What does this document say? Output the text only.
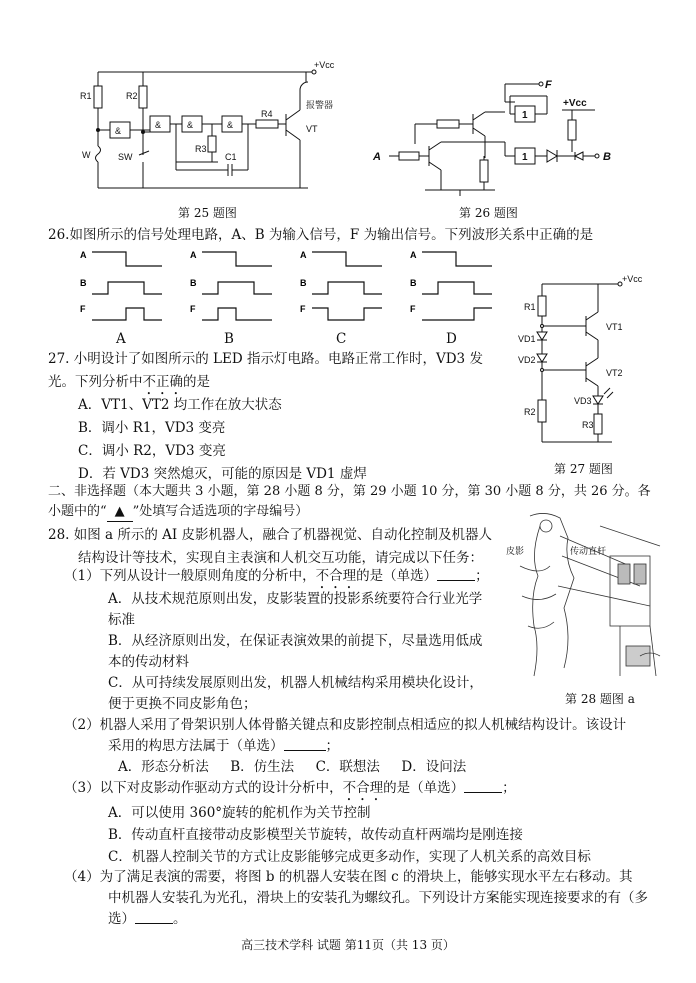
+Vcc
R1	R2
R3
R4
C1
W	SW
VT
报警器
&
&	&	&
第 25 题图
F
+Vcc
A	B
1
1
第 26 题图
26.如图所示的信号处理电路，A、B 为输入信号，F 为输出信号。下列波形关系中正确的是
A
B
F
A
B
F
A
B
F
A
B
F
A	B	C	D
+Vcc
R1
VD1
VD2
R2
VT1
VT2
VD3
R3
第 27 题图
27. 小明设计了如图所示的 LED 指示灯电路。电路正常工作时，VD3 发
光。下列分析中不正确的是
A．VT1、VT2 均工作在放大状态
B．调小 R1，VD3 变亮
C．调小 R2，VD3 变亮
D．若 VD3 突然熄灭，可能的原因是 VD1 虚焊
二、非选择题（本大题共 3 小题，第 28 小题 8 分，第 29 小题 10 分，第 30 小题 8 分，共 26 分。各
小题中的“ ▲ ”处填写合适选项的字母编号）
皮影	传动直杆
第 28 题图 a
28. 如图 a 所示的 AI 皮影机器人，融合了机器视觉、自动化控制及机器人
结构设计等技术，实现自主表演和人机交互功能，请完成以下任务：
（1）下列从设计一般原则角度的分析中，不合理的是（单选）	；
A．从技术规范原则出发，皮影装置的投影系统要符合行业光学
标准
B．从经济原则出发，在保证表演效果的前提下，尽量选用低成
本的传动材料
C．从可持续发展原则出发，机器人机械结构采用模块化设计，
便于更换不同皮影角色；
（2）机器人采用了骨架识别人体骨骼关键点和皮影控制点相适应的拟人机械结构设计。该设计
采用的构思方法属于（单选）	；
A．形态分析法     B．仿生法     C．联想法     D．设问法
（3）以下对皮影动作驱动方式的设计分析中，不合理的是（单选）	；
A．可以使用 360°旋转的舵机作为关节控制
B．传动直杆直接带动皮影模型关节旋转，故传动直杆两端均是刚连接
C．机器人控制关节的方式让皮影能够完成更多动作，实现了人机关系的高效目标
（4）为了满足表演的需要，将图 b 的机器人安装在图 c 的滑块上，能够实现水平左右移动。其
中机器人安装孔为光孔，滑块上的安装孔为螺纹孔。下列设计方案能实现连接要求的有（多
选）	。
高三技术学科 试题 第11页（共 13 页）
